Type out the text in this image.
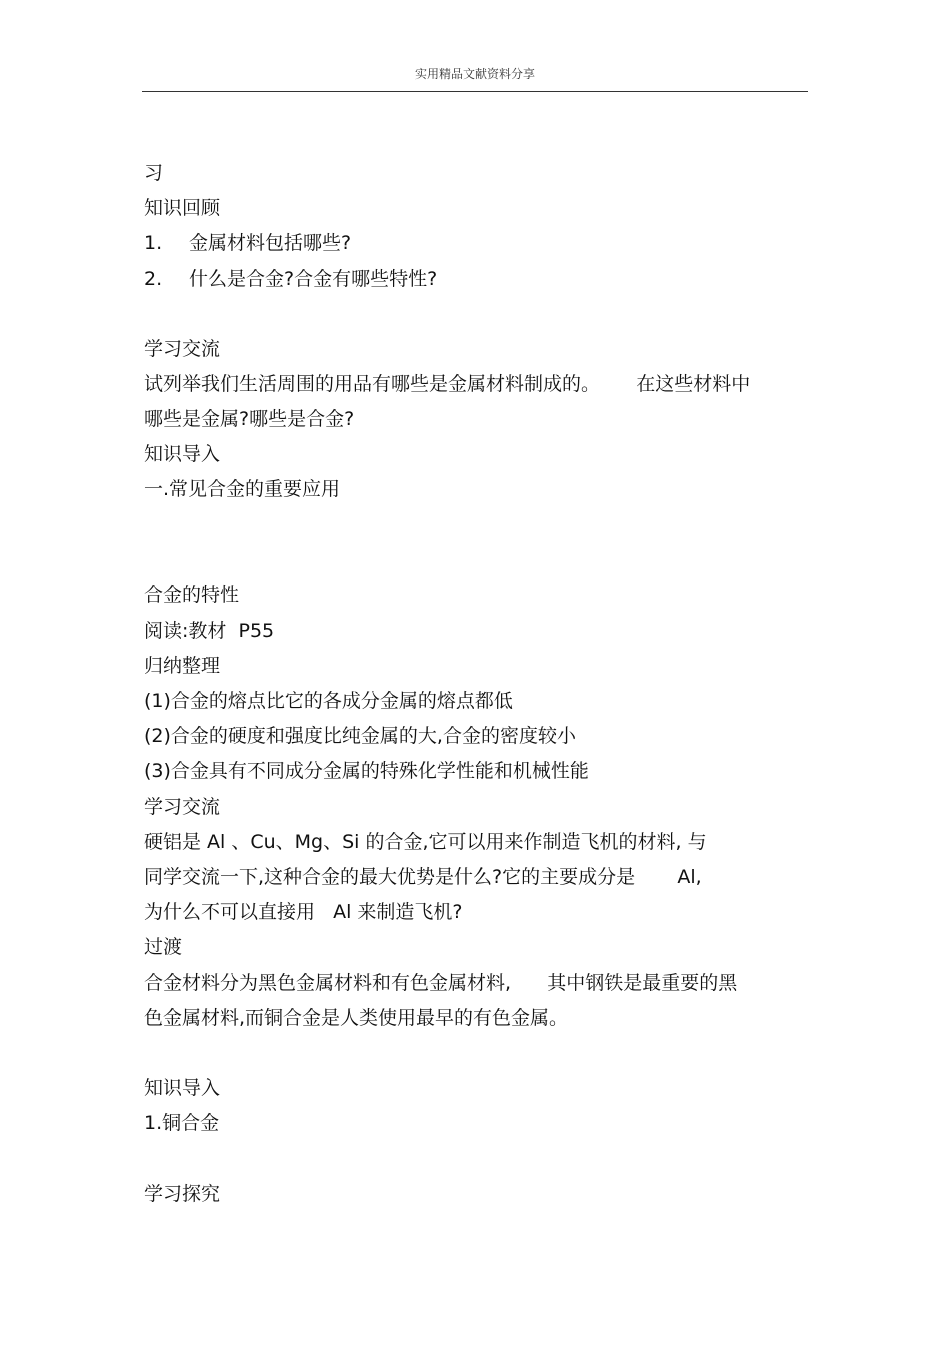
实用精品文献资料分享

习

知识回顾

1. 金属材料包括哪些?

2. 什么是合金?合金有哪些特性?

学习交流

试列举我们生活周围的用品有哪些是金属材料制成的。      在这些材料中

哪些是金属?哪些是合金?

知识导入

一.常见合金的重要应用

合金的特性

阅读:教材  P55

归纳整理

(1)合金的熔点比它的各成分金属的熔点都低

(2)合金的硬度和强度比纯金属的大,合金的密度较小

(3)合金具有不同成分金属的特殊化学性能和机械性能

学习交流

硬铝是 Al 、Cu、Mg、Si 的合金,它可以用来作制造飞机的材料, 与

同学交流一下,这种合金的最大优势是什么?它的主要成分是       Al,

为什么不可以直接用   Al 来制造飞机?

过渡

合金材料分为黑色金属材料和有色金属材料,      其中钢铁是最重要的黑

色金属材料,而铜合金是人类使用最早的有色金属。

知识导入

1.铜合金

学习探究
